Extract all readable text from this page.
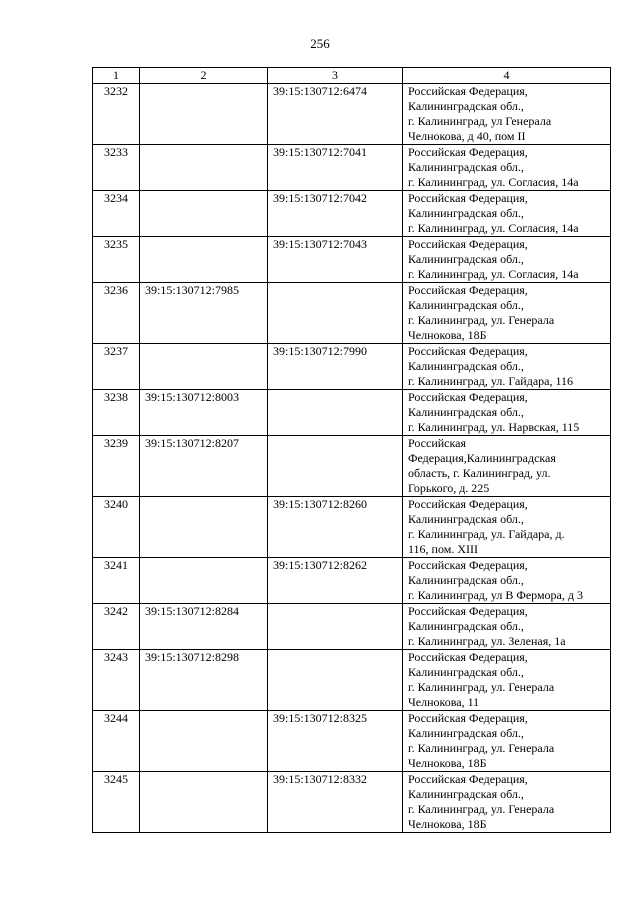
256
1	2	3	4
3232		39:15:130712:6474	Российская Федерация,
Калининградская обл.,
г. Калининград, ул Генерала
Челнокова, д 40, пом II
3233		39:15:130712:7041	Российская Федерация,
Калининградская обл.,
г. Калининград, ул. Согласия, 14а
3234		39:15:130712:7042	Российская Федерация,
Калининградская обл.,
г. Калининград, ул. Согласия, 14а
3235		39:15:130712:7043	Российская Федерация,
Калининградская обл.,
г. Калининград, ул. Согласия, 14а
3236	39:15:130712:7985		Российская Федерация,
Калининградская обл.,
г. Калининград, ул. Генерала
Челнокова, 18Б
3237		39:15:130712:7990	Российская Федерация,
Калининградская обл.,
г. Калининград, ул. Гайдара, 116
3238	39:15:130712:8003		Российская Федерация,
Калининградская обл.,
г. Калининград, ул. Нарвская, 115
3239	39:15:130712:8207		Российская
Федерация,Калининградская
область, г. Калининград, ул.
Горького, д. 225
3240		39:15:130712:8260	Российская Федерация,
Калининградская обл.,
г. Калининград, ул. Гайдара, д.
116, пом. XIII
3241		39:15:130712:8262	Российская Федерация,
Калининградская обл.,
г. Калининград, ул В Фермора, д 3
3242	39:15:130712:8284		Российская Федерация,
Калининградская обл.,
г. Калининград, ул. Зеленая, 1а
3243	39:15:130712:8298		Российская Федерация,
Калининградская обл.,
г. Калининград, ул. Генерала
Челнокова, 11
3244		39:15:130712:8325	Российская Федерация,
Калининградская обл.,
г. Калининград, ул. Генерала
Челнокова, 18Б
3245		39:15:130712:8332	Российская Федерация,
Калининградская обл.,
г. Калининград, ул. Генерала
Челнокова, 18Б
